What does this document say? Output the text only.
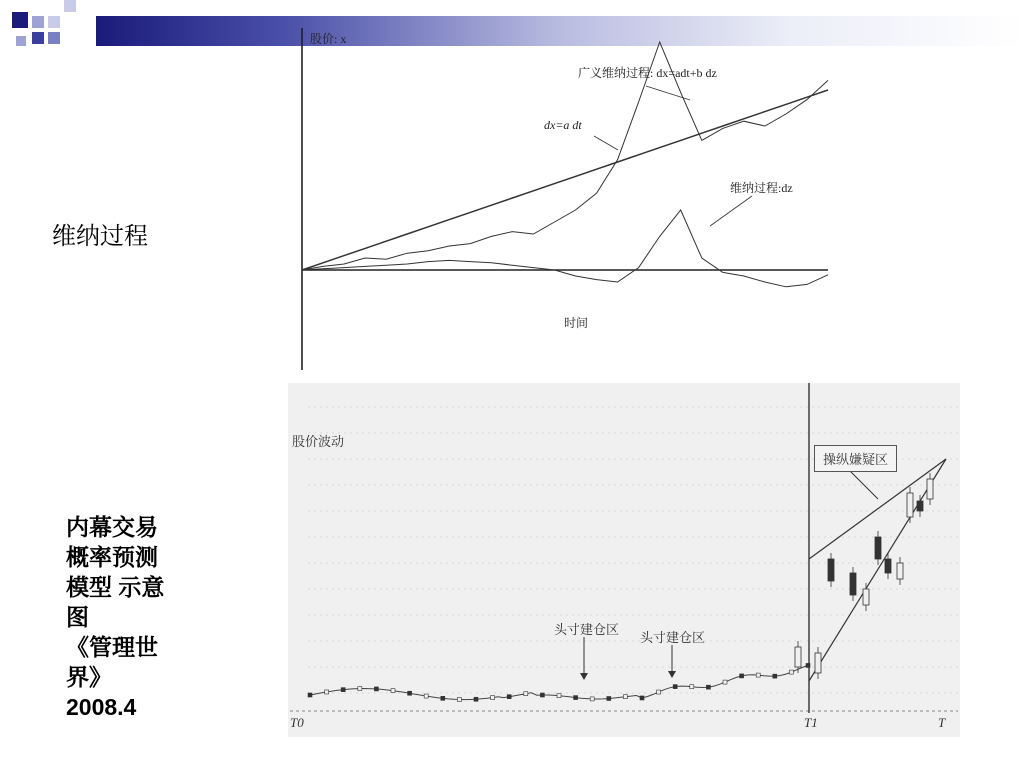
维纳过程
内幕交易
概率预测
模型 示意
图
《管理世
界》
2008.4
股价: x
时间
广义维纳过程: dx=adt+b dz
dx=a dt
维纳过程:dz
股价波动
操纵嫌疑区
头寸建仓区
头寸建仓区
T0	T1	T
